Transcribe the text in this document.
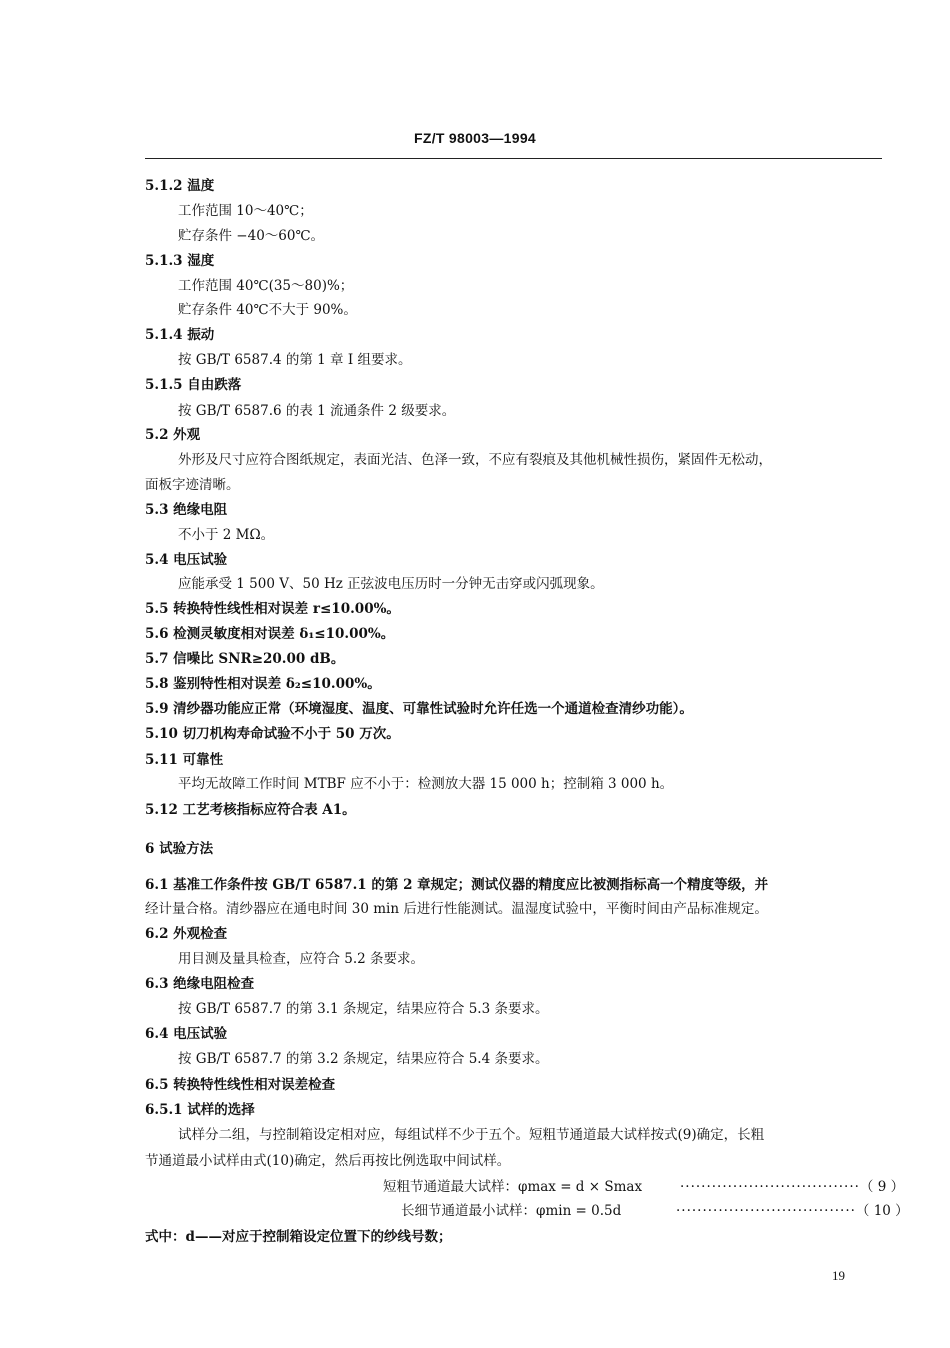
FZ/T 98003—1994
5.1.2 温度
工作范围 10～40℃；
贮存条件 −40～60℃。
5.1.3 湿度
工作范围 40℃(35～80)%；
贮存条件 40℃不大于 90%。
5.1.4 振动
按 GB/T 6587.4 的第 1 章 Ⅰ 组要求。
5.1.5 自由跌落
按 GB/T 6587.6 的表 1 流通条件 2 级要求。
5.2 外观
外形及尺寸应符合图纸规定，表面光洁、色泽一致，不应有裂痕及其他机械性损伤，紧固件无松动，
面板字迹清晰。
5.3 绝缘电阻
不小于 2 MΩ。
5.4 电压试验
应能承受 1 500 V、50 Hz 正弦波电压历时一分钟无击穿或闪弧现象。
5.5 转换特性线性相对误差 r≤10.00%。
5.6 检测灵敏度相对误差 δ₁≤10.00%。
5.7 信噪比 SNR≥20.00 dB。
5.8 鉴别特性相对误差 δ₂≤10.00%。
5.9 清纱器功能应正常（环境湿度、温度、可靠性试验时允许任选一个通道检查清纱功能）。
5.10 切刀机构寿命试验不小于 50 万次。
5.11 可靠性
平均无故障工作时间 MTBF 应不小于：检测放大器 15 000 h；控制箱 3 000 h。
5.12 工艺考核指标应符合表 A1。
6 试验方法
6.1 基准工作条件按 GB/T 6587.1 的第 2 章规定；测试仪器的精度应比被测指标高一个精度等级，并
经计量合格。清纱器应在通电时间 30 min 后进行性能测试。温湿度试验中，平衡时间由产品标准规定。
6.2 外观检查
用目测及量具检查，应符合 5.2 条要求。
6.3 绝缘电阻检查
按 GB/T 6587.7 的第 3.1 条规定，结果应符合 5.3 条要求。
6.4 电压试验
按 GB/T 6587.7 的第 3.2 条规定，结果应符合 5.4 条要求。
6.5 转换特性线性相对误差检查
6.5.1 试样的选择
试样分二组，与控制箱设定相对应，每组试样不少于五个。短粗节通道最大试样按式(9)确定，长粗
节通道最小试样由式(10)确定，然后再按比例选取中间试样。
短粗节通道最大试样：φmax = d × Smax	··································（ 9 ）
长细节通道最小试样：φmin = 0.5d	··································（ 10 ）
式中：d——对应于控制箱设定位置下的纱线号数；
19
